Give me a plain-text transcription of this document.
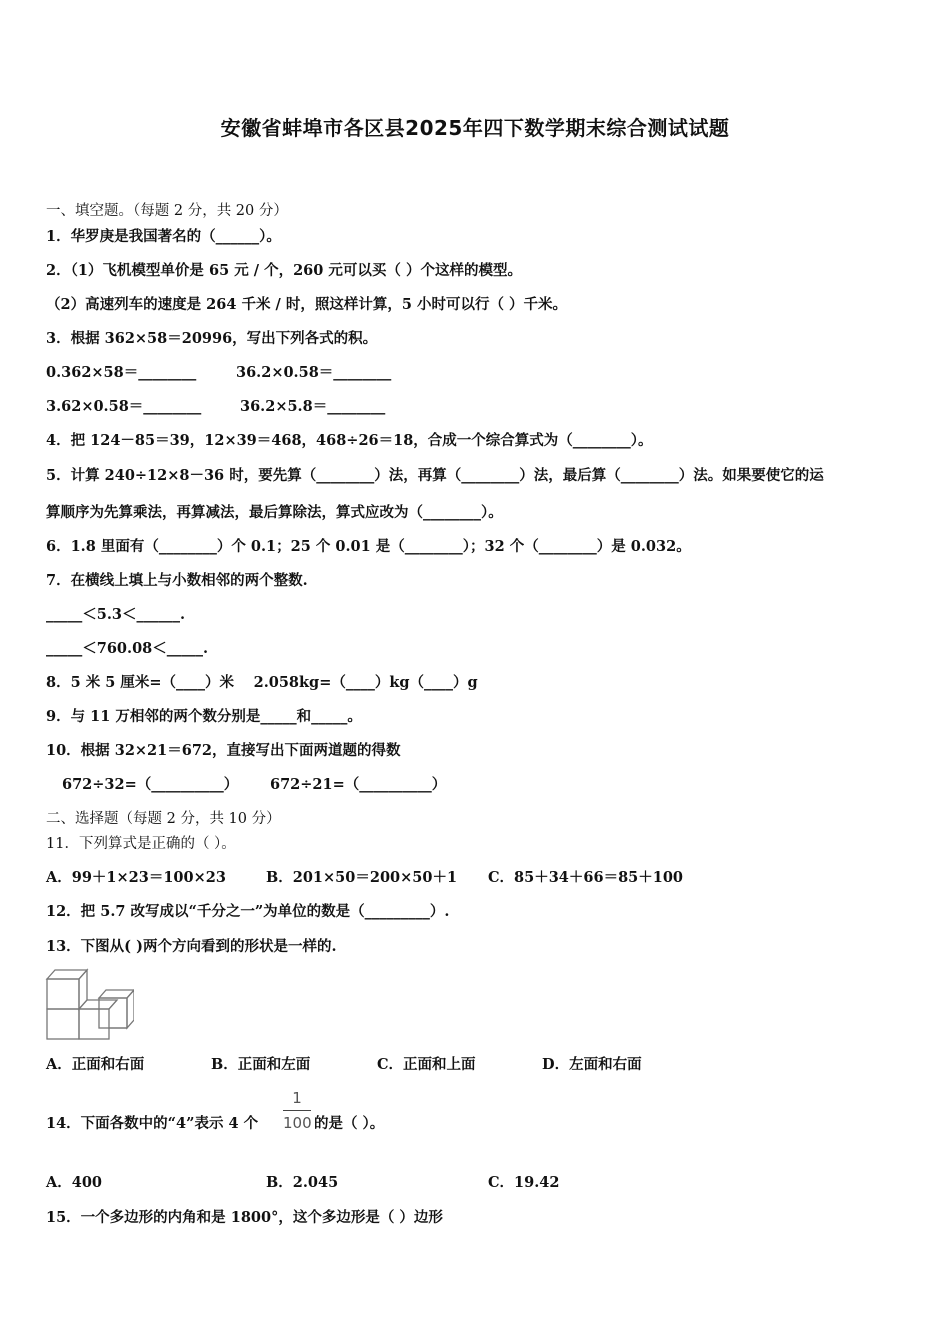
安徽省蚌埠市各区县2025年四下数学期末综合测试试题
一、填空题。（每题 2 分，共 20 分）
1．华罗庚是我国著名的（______）。
2．（1）飞机模型单价是 65 元 / 个，260 元可以买（ ）个这样的模型。
（2）高速列车的速度是 264 千米 / 时，照这样计算，5 小时可以行（ ）千米。
3．根据 362×58＝20996，写出下列各式的积。
0.362×58＝________	36.2×0.58＝________
3.62×0.58＝________	36.2×5.8＝________
4．把 124－85＝39，12×39＝468，468÷26＝18，合成一个综合算式为（________）。
5．计算 240÷12×8－36 时，要先算（________）法，再算（________）法，最后算（________）法。如果要使它的运
算顺序为先算乘法，再算减法，最后算除法，算式应改为（________）。
6．1.8 里面有（________）个 0.1；25 个 0.01 是（________）；32 个（________）是 0.032。
7．在横线上填上与小数相邻的两个整数.
_____＜5.3＜______.
_____＜760.08＜_____.
8．5 米 5 厘米=（____）米　 2.058kg=（____）kg（____）g
9．与 11 万相邻的两个数分别是_____和_____。
10．根据 32×21＝672，直接写出下面两道题的得数
672÷32=（__________） 672÷21=（__________）
二、选择题（每题 2 分，共 10 分）
11．下列算式是正确的（ ）。
A．99＋1×23＝100×23	B．201×50＝200×50＋1 C．85＋34＋66＝85＋100
12．把 5.7 改写成以“千分之一”为单位的数是（_________）.
13．下图从( )两个方向看到的形状是一样的.
A．正面和右面	B．正面和左面	C．正面和上面	D．左面和右面
14．下面各数中的“4”表示 4 个
1
100 的是（ ）。
A．400	B．2.045	C．19.42
15．一个多边形的内角和是 1800°，这个多边形是（ ）边形
